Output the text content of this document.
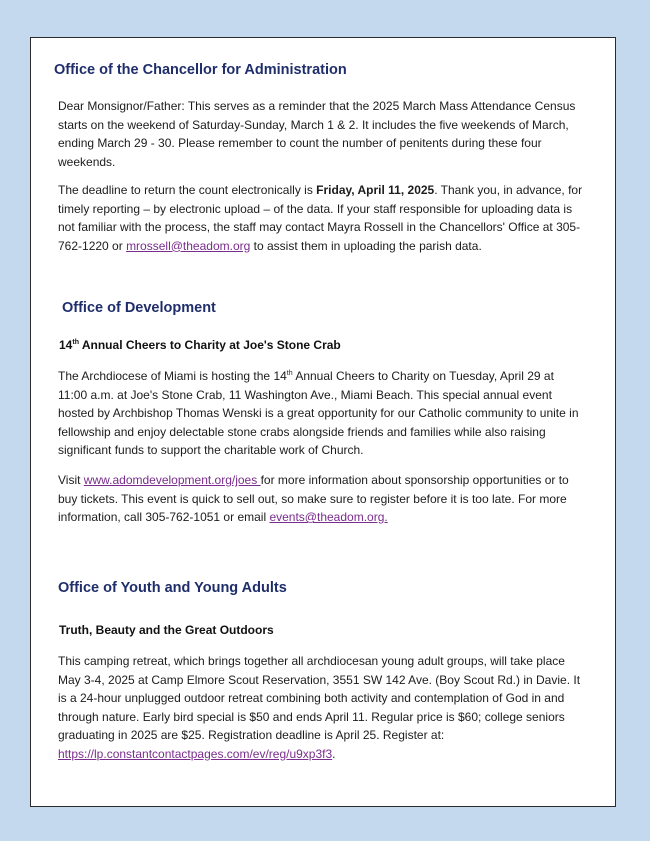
Office of the Chancellor for Administration

Dear Monsignor/Father: This serves as a reminder that the 2025 March Mass Attendance Census starts on the weekend of Saturday-Sunday, March 1 & 2. It includes the five weekends of March, ending March 29 - 30. Please remember to count the number of penitents during these four weekends.

The deadline to return the count electronically is Friday, April 11, 2025. Thank you, in advance, for timely reporting – by electronic upload – of the data. If your staff responsible for uploading data is not familiar with the process, the staff may contact Mayra Rossell in the Chancellors' Office at 305-762-1220 or mrossell@theadom.org to assist them in uploading the parish data.

Office of Development

14th Annual Cheers to Charity at Joe's Stone Crab

The Archdiocese of Miami is hosting the 14th Annual Cheers to Charity on Tuesday, April 29 at 11:00 a.m. at Joe's Stone Crab, 11 Washington Ave., Miami Beach. This special annual event hosted by Archbishop Thomas Wenski is a great opportunity for our Catholic community to unite in fellowship and enjoy delectable stone crabs alongside friends and families while also raising significant funds to support the charitable work of Church.

Visit www.adomdevelopment.org/joes for more information about sponsorship opportunities or to buy tickets. This event is quick to sell out, so make sure to register before it is too late. For more information, call 305-762-1051 or email events@theadom.org.

Office of Youth and Young Adults

Truth, Beauty and the Great Outdoors

This camping retreat, which brings together all archdiocesan young adult groups, will take place May 3-4, 2025 at Camp Elmore Scout Reservation, 3551 SW 142 Ave. (Boy Scout Rd.) in Davie. It is a 24-hour unplugged outdoor retreat combining both activity and contemplation of God in and through nature. Early bird special is $50 and ends April 11. Regular price is $60; college seniors graduating in 2025 are $25. Registration deadline is April 25. Register at: https://lp.constantcontactpages.com/ev/reg/u9xp3f3.
